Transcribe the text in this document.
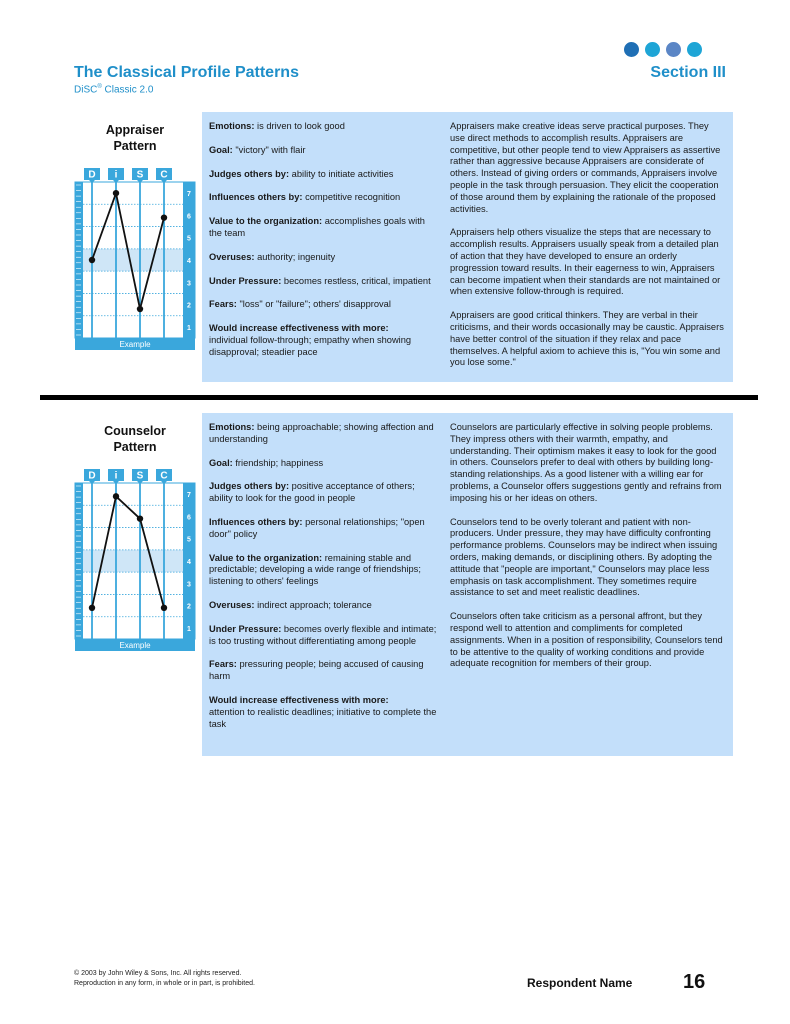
The Classical Profile Patterns
DiSC® Classic 2.0
Section III
Appraiser
Pattern
D i S C
7
6
5
4
3
2
1
Example

Emotions: is driven to look good

Goal: "victory" with flair

Judges others by: ability to initiate activities

Influences others by: competitive recognition

Value to the organization: accomplishes goals with the team

Overuses: authority; ingenuity

Under Pressure: becomes restless, critical, impatient

Fears: "loss" or "failure"; others' disapproval

Would increase effectiveness with more:
individual follow-through; empathy when showing disapproval; steadier pace

Appraisers make creative ideas serve practical purposes. They use direct methods to accomplish results. Appraisers are competitive, but other people tend to view Appraisers as assertive rather than aggressive because Appraisers are considerate of others. Instead of giving orders or commands, Appraisers involve people in the task through persuasion. They elicit the cooperation of those around them by explaining the rationale of the proposed activities.

Appraisers help others visualize the steps that are necessary to accomplish results. Appraisers usually speak from a detailed plan of action that they have developed to ensure an orderly progression toward results. In their eagerness to win, Appraisers can become impatient when their standards are not maintained or when extensive follow-through is required.

Appraisers are good critical thinkers. They are verbal in their criticisms, and their words occasionally may be caustic. Appraisers have better control of the situation if they relax and pace themselves. A helpful axiom to achieve this is, "You win some and you lose some."

Counselor
Pattern
D i S C
7
6
5
4
3
2
1
Example

Emotions: being approachable; showing affection and understanding

Goal: friendship; happiness

Judges others by: positive acceptance of others; ability to look for the good in people

Influences others by: personal relationships; "open door" policy

Value to the organization: remaining stable and predictable; developing a wide range of friendships; listening to others' feelings

Overuses: indirect approach; tolerance

Under Pressure: becomes overly flexible and intimate; is too trusting without differentiating among people

Fears: pressuring people; being accused of causing harm

Would increase effectiveness with more:
attention to realistic deadlines; initiative to complete the task

Counselors are particularly effective in solving people problems. They impress others with their warmth, empathy, and understanding. Their optimism makes it easy to look for the good in others. Counselors prefer to deal with others by building long-standing relationships. As a good listener with a willing ear for problems, a Counselor offers suggestions gently and refrains from imposing his or her ideas on others.

Counselors tend to be overly tolerant and patient with non-producers. Under pressure, they may have difficulty confronting performance problems. Counselors may be indirect when issuing orders, making demands, or disciplining others. By adopting the attitude that "people are important," Counselors may place less emphasis on task accomplishment. They sometimes require assistance to set and meet realistic deadlines.

Counselors often take criticism as a personal affront, but they respond well to attention and compliments for completed assignments. When in a position of responsibility, Counselors tend to be attentive to the quality of working conditions and provide adequate recognition for members of their group.

© 2003 by John Wiley & Sons, Inc. All rights reserved.
Reproduction in any form, in whole or in part, is prohibited.	Respondent Name	16
